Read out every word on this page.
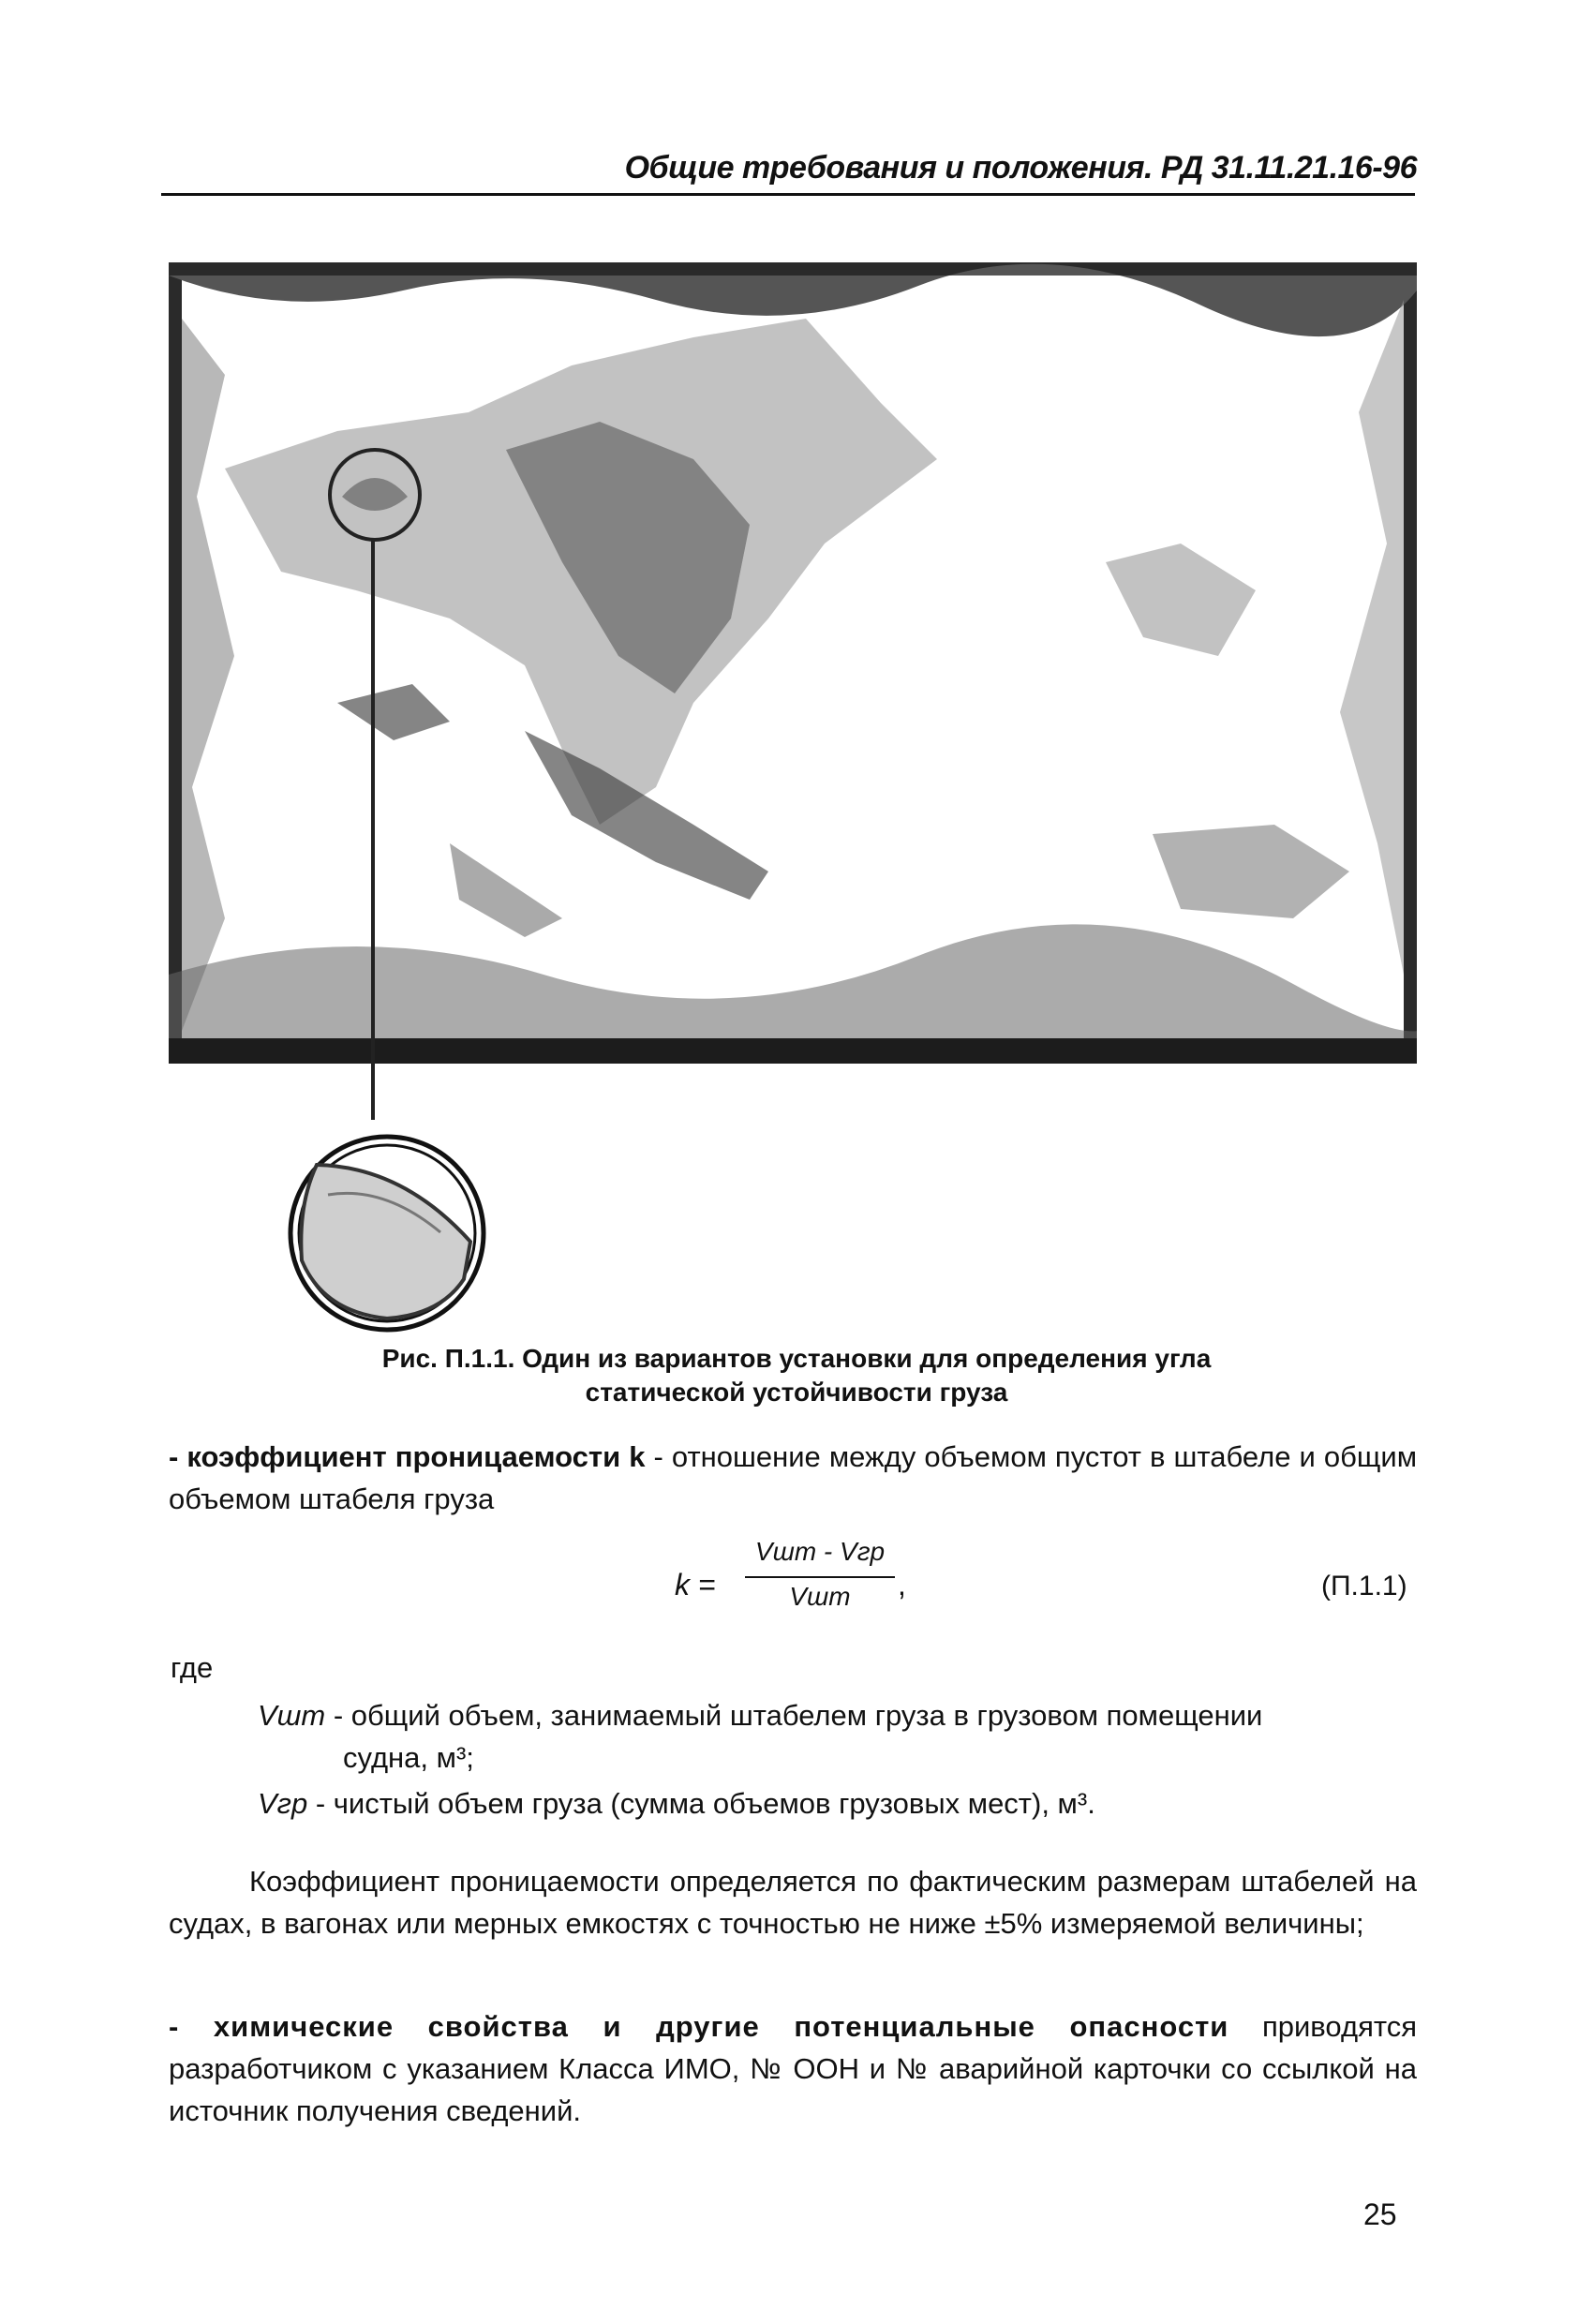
Общие требования и положения. РД 31.11.21.16-96
Рис. П.1.1. Один из вариантов установки для определения угла
статической устойчивости груза
- коэффициент проницаемости k - отношение между объемом пустот в штабеле и общим объемом штабеля груза
k =
Vшт - Vгр
Vшт	,	(П.1.1)
где
Vшт - общий объем, занимаемый штабелем груза в грузовом помещении
судна, м³;
Vгр - чистый объем груза (сумма объемов грузовых мест), м³.
Коэффициент проницаемости определяется по фактическим размерам штабелей на судах, в вагонах или мерных емкостях с точностью не ниже ±5% измеряемой величины;
- химические свойства и другие потенциальные опасности приводятся разработчиком с указанием Класса ИМО, № ООН и № аварийной карточки со ссылкой на источник получения сведений.
25
